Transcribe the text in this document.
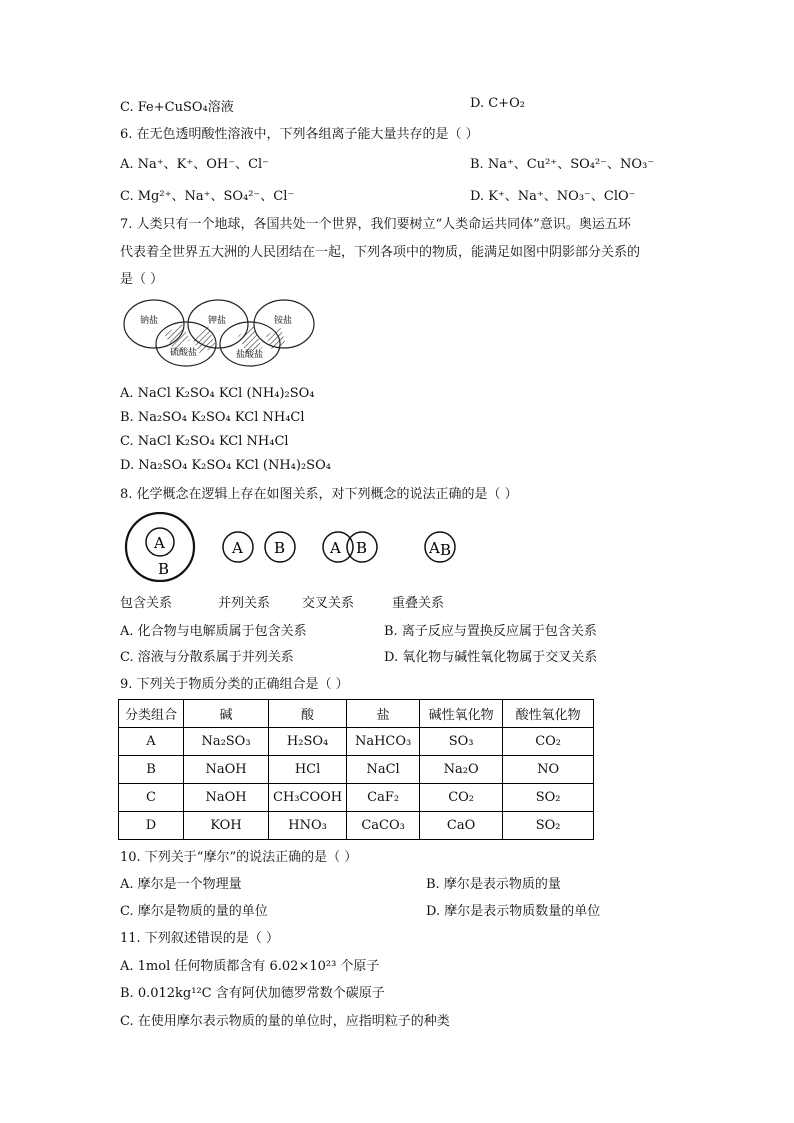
C. Fe+CuSO₄溶液	D. C+O₂
6. 在无色透明酸性溶液中，下列各组离子能大量共存的是（ ）
A. Na⁺、K⁺、OH⁻、Cl⁻	B. Na⁺、Cu²⁺、SO₄²⁻、NO₃⁻
C. Mg²⁺、Na⁺、SO₄²⁻、Cl⁻	D. K⁺、Na⁺、NO₃⁻、ClO⁻
7. 人类只有一个地球，各国共处一个世界，我们要树立“人类命运共同体”意识。奥运五环
代表着全世界五大洲的人民团结在一起，下列各项中的物质，能满足如图中阴影部分关系的
是（ ）
钠盐	钾盐	铵盐
硫酸盐	盐酸盐
A. NaCl K₂SO₄ KCl (NH₄)₂SO₄
B. Na₂SO₄ K₂SO₄ KCl NH₄Cl
C. NaCl K₂SO₄ KCl NH₄Cl
D. Na₂SO₄ K₂SO₄ KCl (NH₄)₂SO₄
8. 化学概念在逻辑上存在如图关系，对下列概念的说法正确的是（ ）
A
B
A B	A B	A B
包含关系	并列关系 交叉关系	重叠关系
A. 化合物与电解质属于包含关系	B. 离子反应与置换反应属于包含关系
C. 溶液与分散系属于并列关系	D. 氧化物与碱性氧化物属于交叉关系
9. 下列关于物质分类的正确组合是（ ）
分类组合	碱	酸	盐	碱性氧化物	酸性氧化物
A	Na₂SO₃	H₂SO₄	NaHCO₃	SO₃	CO₂
B	NaOH	HCl	NaCl	Na₂O	NO
C	NaOH	CH₃COOH	CaF₂	CO₂	SO₂
D	KOH	HNO₃	CaCO₃	CaO	SO₂
10. 下列关于“摩尔”的说法正确的是（ ）
A. 摩尔是一个物理量	B. 摩尔是表示物质的量
C. 摩尔是物质的量的单位	D. 摩尔是表示物质数量的单位
11. 下列叙述错误的是（ ）
A. 1mol 任何物质都含有 6.02×10²³ 个原子
B. 0.012kg¹²C 含有阿伏加德罗常数个碳原子
C. 在使用摩尔表示物质的量的单位时，应指明粒子的种类
